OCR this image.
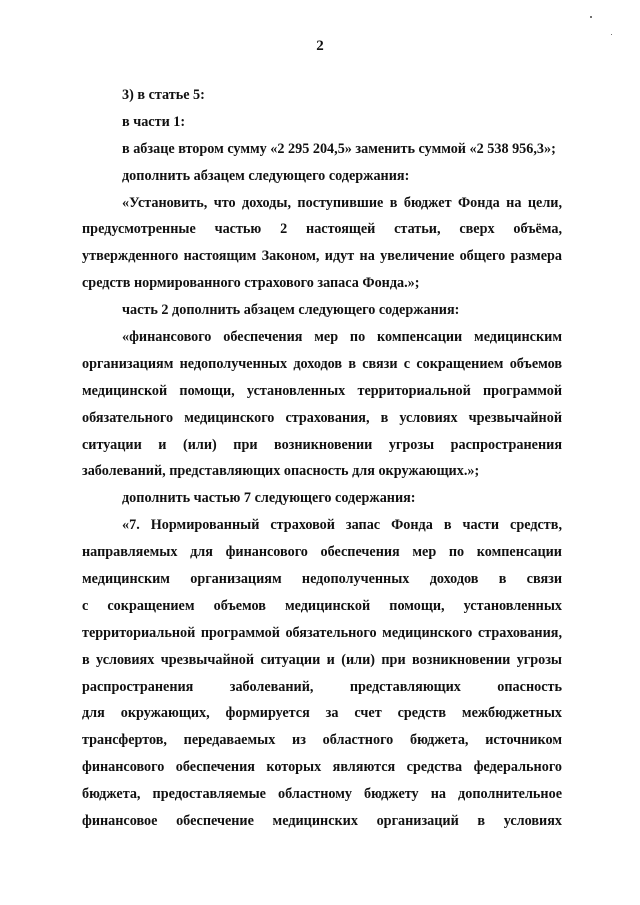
2
3) в статье 5:
в части 1:
в абзаце втором сумму «2 295 204,5» заменить суммой «2 538 956,3»;
дополнить абзацем следующего содержания:
«Установить, что доходы, поступившие в бюджет Фонда на цели,
предусмотренные частью 2 настоящей статьи, сверх объёма,
утвержденного настоящим Законом, идут на увеличение общего размера
средств нормированного страхового запаса Фонда.»;
часть 2 дополнить абзацем следующего содержания:
«финансового обеспечения мер по компенсации медицинским
организациям недополученных доходов в связи с сокращением объемов
медицинской помощи, установленных территориальной программой
обязательного медицинского страхования, в условиях чрезвычайной
ситуации и (или) при возникновении угрозы распространения
заболеваний, представляющих опасность для окружающих.»;
дополнить частью 7 следующего содержания:
«7. Нормированный страховой запас Фонда в части средств,
направляемых для финансового обеспечения мер по компенсации
медицинским организациям недополученных доходов в связи
с сокращением объемов медицинской помощи, установленных
территориальной программой обязательного медицинского страхования,
в условиях чрезвычайной ситуации и (или) при возникновении угрозы
распространения заболеваний, представляющих опасность
для окружающих, формируется за счет средств межбюджетных
трансфертов, передаваемых из областного бюджета, источником
финансового обеспечения которых являются средства федерального
бюджета, предоставляемые областному бюджету на дополнительное
финансовое обеспечение медицинских организаций в условиях
